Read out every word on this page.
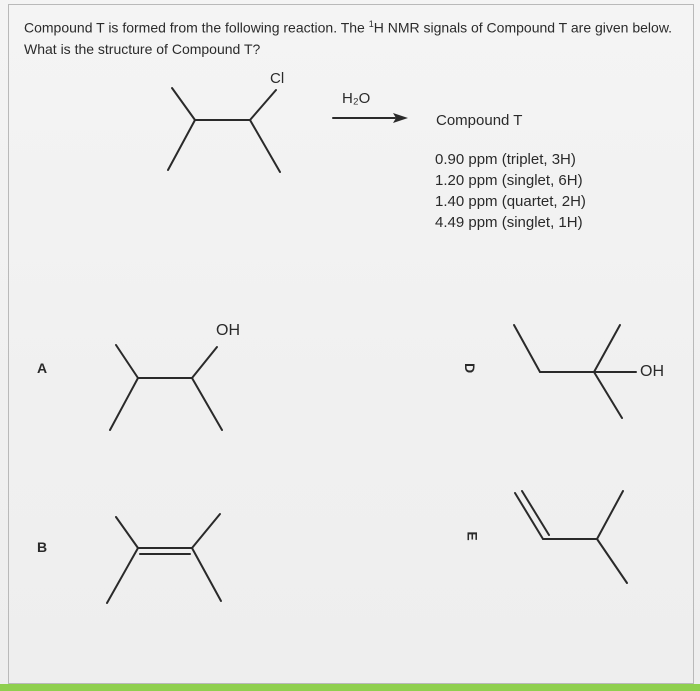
Compound T is formed from the following reaction. The $^1$H NMR signals of Compound T are given below. What is the structure of Compound T?
Cl
H₂O
Compound T
0.90 ppm (triplet, 3H)
1.20 ppm (singlet, 6H)
1.40 ppm (quartet, 2H)
4.49 ppm (singlet, 1H)
A
OH
B
D	OH
E
